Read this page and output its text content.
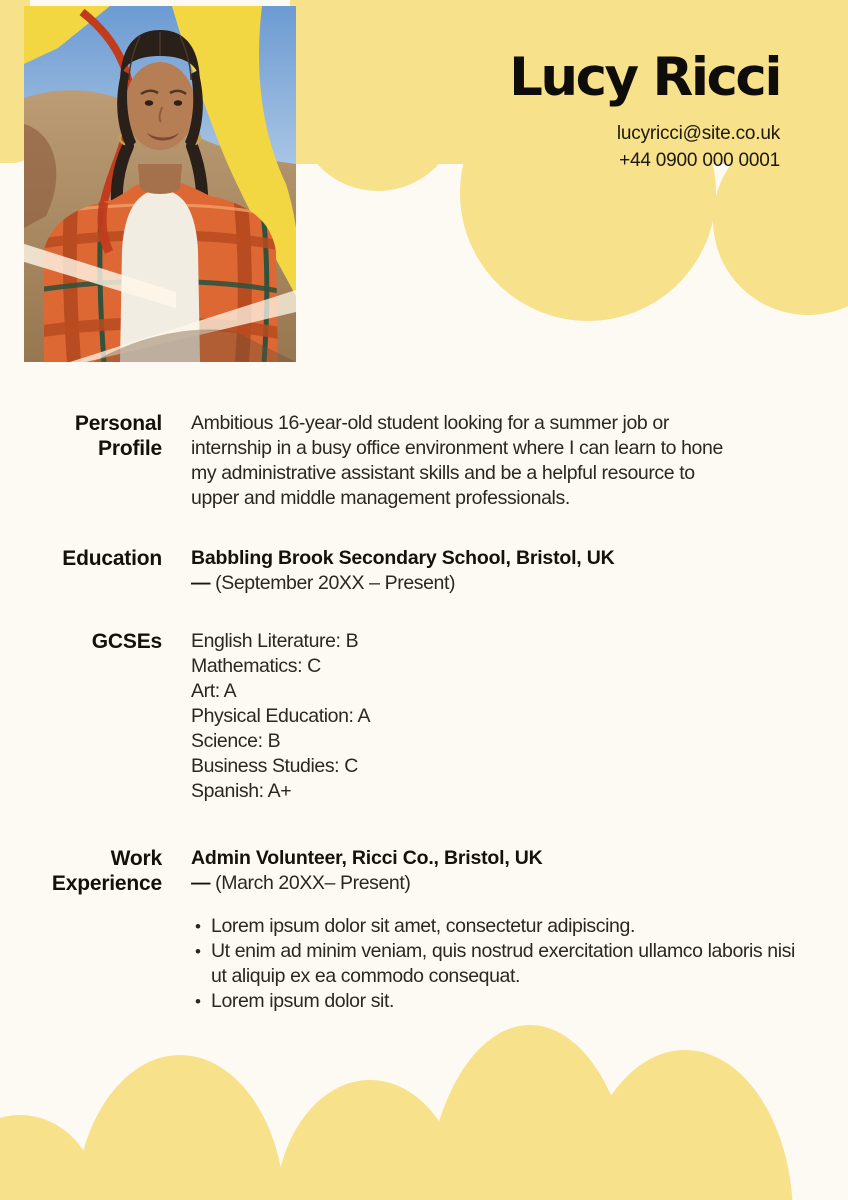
Lucy Ricci
lucyricci@site.co.uk
+44 0900 000 0001
Personal
Profile

Ambitious 16-year-old student looking for a summer job or internship in a busy office environment where I can learn to hone my administrative assistant skills and be a helpful resource to upper and middle management professionals.

Education Babbling Brook Secondary School, Bristol, UK
— (September 20XX – Present)
GCSEs English Literature: B
Mathematics: C
Art: A
Physical Education: A
Science: B
Business Studies: C
Spanish: A+
Work
Experience
Admin Volunteer, Ricci Co., Bristol, UK
— (March 20XX– Present)
• Lorem ipsum dolor sit amet, consectetur adipiscing.
• Ut enim ad minim veniam, quis nostrud exercitation ullamco laboris nisi ut aliquip ex ea commodo consequat.
• Lorem ipsum dolor sit.
